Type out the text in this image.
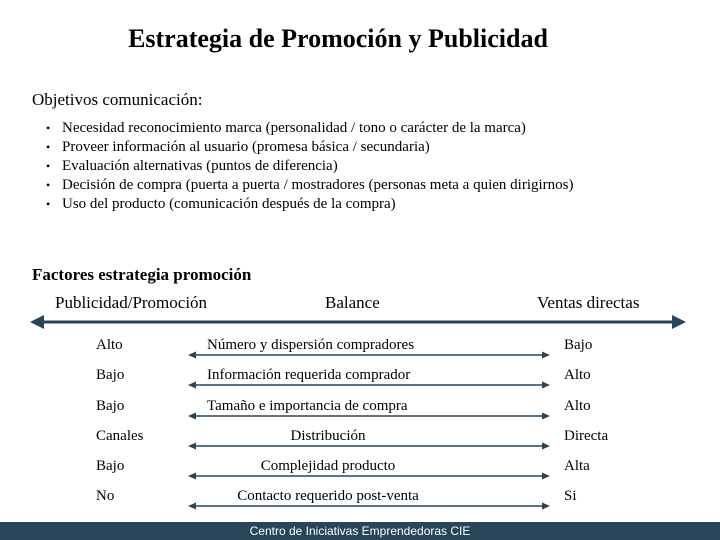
Estrategia de Promoción y Publicidad
Objetivos comunicación:
• Necesidad reconocimiento marca (personalidad / tono o carácter de la marca)
• Proveer información al usuario (promesa básica / secundaria)
• Evaluación alternativas (puntos de diferencia)
• Decisión de compra (puerta a puerta / mostradores (personas meta a quien dirigirnos)
• Uso del producto (comunicación después de la compra)
Factores estrategia promoción
Publicidad/Promoción	Balance	Ventas directas
Alto	Número y dispersión compradores	Bajo
Bajo	Información requerida comprador	Alto
Bajo	Tamaño e importancia de compra	Alto
Canales	Distribución	Directa
Bajo	Complejidad producto	Alta
No	Contacto requerido post-venta	Si
Centro de Iniciativas Emprendedoras CIE
